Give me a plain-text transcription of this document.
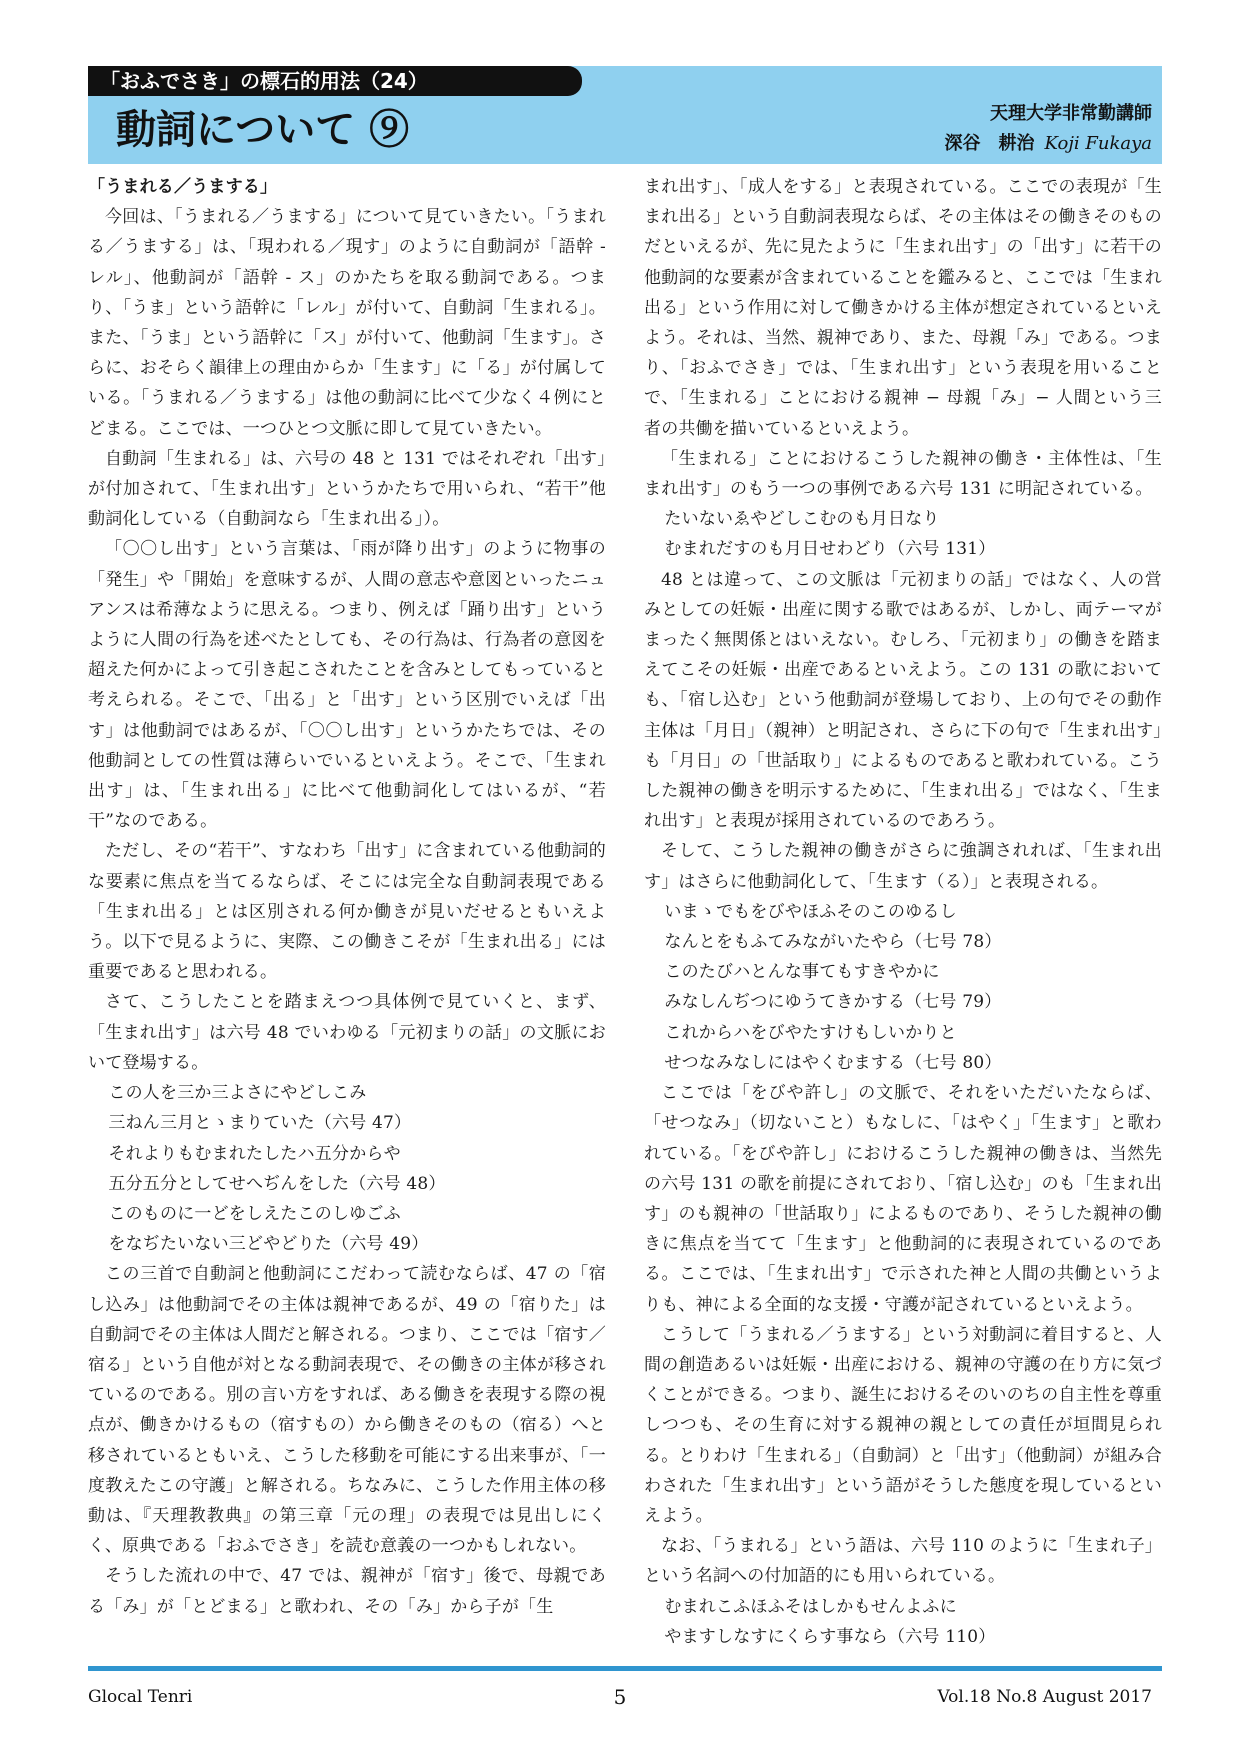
「おふでさき」の標石的用法（24）
動詞について ⑨	天理大学非常勤講師
深谷　耕治 Koji Fukaya
「うまれる／うまする」

今回は、「うまれる／うまする」について見ていきたい。「うまれる／うまする」は、「現われる／現す」のように自動詞が「語幹 - レル」、他動詞が「語幹 - ス」のかたちを取る動詞である。つまり、「うま」という語幹に「レル」が付いて、自動詞「生まれる」。また、「うま」という語幹に「ス」が付いて、他動詞「生ます」。さらに、おそらく韻律上の理由からか「生ます」に「る」が付属している。「うまれる／うまする」は他の動詞に比べて少なく４例にとどまる。ここでは、一つひとつ文脈に即して見ていきたい。

自動詞「生まれる」は、六号の 48 と 131 ではそれぞれ「出す」が付加されて、「生まれ出す」というかたちで用いられ、“若干”他動詞化している（自動詞なら「生まれ出る」）。

「〇〇し出す」という言葉は、「雨が降り出す」のように物事の「発生」や「開始」を意味するが、人間の意志や意図といったニュアンスは希薄なように思える。つまり、例えば「踊り出す」というように人間の行為を述べたとしても、その行為は、行為者の意図を超えた何かによって引き起こされたことを含みとしてもっていると考えられる。そこで、「出る」と「出す」という区別でいえば「出す」は他動詞ではあるが、「〇〇し出す」というかたちでは、その他動詞としての性質は薄らいでいるといえよう。そこで、「生まれ出す」は、「生まれ出る」に比べて他動詞化してはいるが、“若干”なのである。

ただし、その“若干”、すなわち「出す」に含まれている他動詞的な要素に焦点を当てるならば、そこには完全な自動詞表現である「生まれ出る」とは区別される何か働きが見いだせるともいえよう。以下で見るように、実際、この働きこそが「生まれ出る」には重要であると思われる。

さて、こうしたことを踏まえつつ具体例で見ていくと、まず、「生まれ出す」は六号 48 でいわゆる「元初まりの話」の文脈において登場する。

この人を三か三よさにやどしこみ
三ねん三月とゝまりていた（六号 47）
それよりもむまれたしたハ五分からや
五分五分としてせへぢんをした（六号 48）
このものに一どをしえたこのしゆごふ
をなぢたいない三どやどりた（六号 49）

この三首で自動詞と他動詞にこだわって読むならば、47 の「宿し込み」は他動詞でその主体は親神であるが、49 の「宿りた」は自動詞でその主体は人間だと解される。つまり、ここでは「宿す／宿る」という自他が対となる動詞表現で、その働きの主体が移されているのである。別の言い方をすれば、ある働きを表現する際の視点が、働きかけるもの（宿すもの）から働きそのもの（宿る）へと移されているともいえ、こうした移動を可能にする出来事が、「一度教えたこの守護」と解される。ちなみに、こうした作用主体の移動は、『天理教教典』の第三章「元の理」の表現では見出しにくく、原典である「おふでさき」を読む意義の一つかもしれない。

そうした流れの中で、47 では、親神が「宿す」後で、母親である「み」が「とどまる」と歌われ、その「み」から子が「生

まれ出す」、「成人をする」と表現されている。ここでの表現が「生まれ出る」という自動詞表現ならば、その主体はその働きそのものだといえるが、先に見たように「生まれ出す」の「出す」に若干の他動詞的な要素が含まれていることを鑑みると、ここでは「生まれ出る」という作用に対して働きかける主体が想定されているといえよう。それは、当然、親神であり、また、母親「み」である。つまり、「おふでさき」では、「生まれ出す」という表現を用いることで、「生まれる」ことにおける親神 − 母親「み」− 人間という三者の共働を描いているといえよう。

「生まれる」ことにおけるこうした親神の働き・主体性は、「生まれ出す」のもう一つの事例である六号 131 に明記されている。

たいないゑやどしこむのも月日なり
むまれだすのも月日せわどり（六号 131）

48 とは違って、この文脈は「元初まりの話」ではなく、人の営みとしての妊娠・出産に関する歌ではあるが、しかし、両テーマがまったく無関係とはいえない。むしろ、「元初まり」の働きを踏まえてこその妊娠・出産であるといえよう。この 131 の歌においても、「宿し込む」という他動詞が登場しており、上の句でその動作主体は「月日」（親神）と明記され、さらに下の句で「生まれ出す」も「月日」の「世話取り」によるものであると歌われている。こうした親神の働きを明示するために、「生まれ出る」ではなく、「生まれ出す」と表現が採用されているのであろう。

そして、こうした親神の働きがさらに強調されれば、「生まれ出す」はさらに他動詞化して、「生ます（る）」と表現される。

いまゝでもをびやほふそのこのゆるし
なんとをもふてみながいたやら（七号 78）
このたびハとんな事てもすきやかに
みなしんぢつにゆうてきかする（七号 79）
これからハをびやたすけもしいかりと
せつなみなしにはやくむまする（七号 80）

ここでは「をびや許し」の文脈で、それをいただいたならば、「せつなみ」（切ないこと）もなしに、「はやく」「生ます」と歌われている。「をびや許し」におけるこうした親神の働きは、当然先の六号 131 の歌を前提にされており、「宿し込む」のも「生まれ出す」のも親神の「世話取り」によるものであり、そうした親神の働きに焦点を当てて「生ます」と他動詞的に表現されているのである。ここでは、「生まれ出す」で示された神と人間の共働というよりも、神による全面的な支援・守護が記されているといえよう。

こうして「うまれる／うまする」という対動詞に着目すると、人間の創造あるいは妊娠・出産における、親神の守護の在り方に気づくことができる。つまり、誕生におけるそのいのちの自主性を尊重しつつも、その生育に対する親神の親としての責任が垣間見られる。とりわけ「生まれる」（自動詞）と「出す」（他動詞）が組み合わされた「生まれ出す」という語がそうした態度を現しているといえよう。

なお、「うまれる」という語は、六号 110 のように「生まれ子」という名詞への付加語的にも用いられている。

むまれこふほふそはしかもせんよふに
やますしなすにくらす事なら（六号 110）
Glocal Tenri	5	Vol.18 No.8 August 2017
